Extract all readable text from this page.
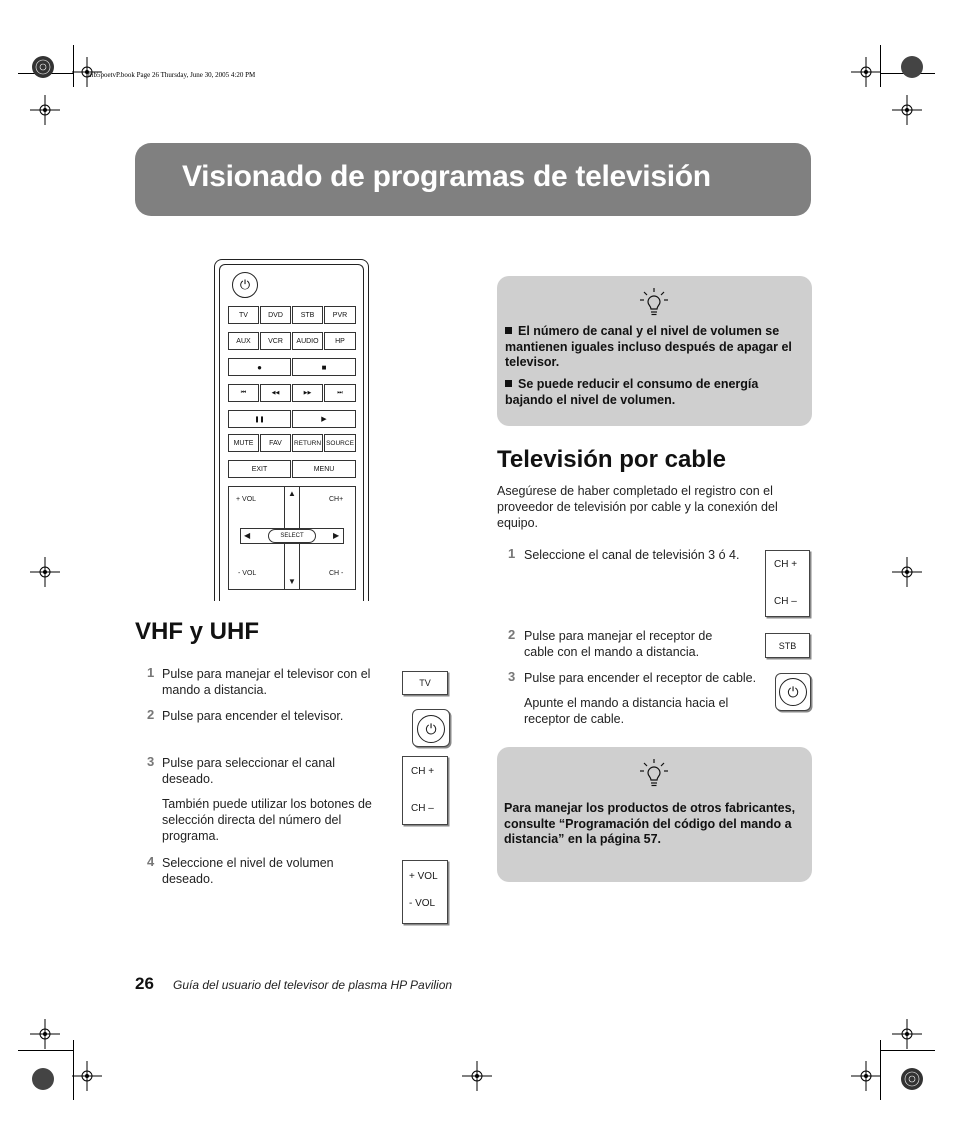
mb5poetvP.book Page 26 Thursday, June 30, 2005 4:20 PM
Visionado de programas de televisión
⏻
TV	DVD	STB	PVR
AUX	VCR	AUDIO	HP
●	■
⏮	◀◀	▶▶	⏭
❚❚	▶
MUTE	FAV	RETURN SOURCE
EXIT	MENU
SELECT
▲
▼
◀	▶
+ VOL
- VOL
CH+
CH -
VHF y UHF
1 Pulse para manejar el televisor con el mando a distancia.	TV
2 Pulse para encender el televisor.
⏻
3 Pulse para seleccionar el canal deseado.
También puede utilizar los botones de selección directa del número del programa.
CH +
CH –
4 Seleccione el nivel de volumen deseado.	+ VOL
- VOL
El número de canal y el nivel de volumen se mantienen iguales incluso después de apagar el televisor.
Se puede reducir el consumo de energía bajando el nivel de volumen.
Televisión por cable
Asegúrese de haber completado el registro con el proveedor de televisión por cable y la conexión del equipo.
1 Seleccione el canal de televisión 3 ó 4.
CH +
CH –
2 Pulse para manejar el receptor de cable con el mando a distancia.	STB
3 Pulse para encender el receptor de cable.
Apunte el mando a distancia hacia el receptor de cable.
⏻
Para manejar los productos de otros fabricantes, consulte “Programación del código del mando a distancia” en la página 57.
26 Guía del usuario del televisor de plasma HP Pavilion
